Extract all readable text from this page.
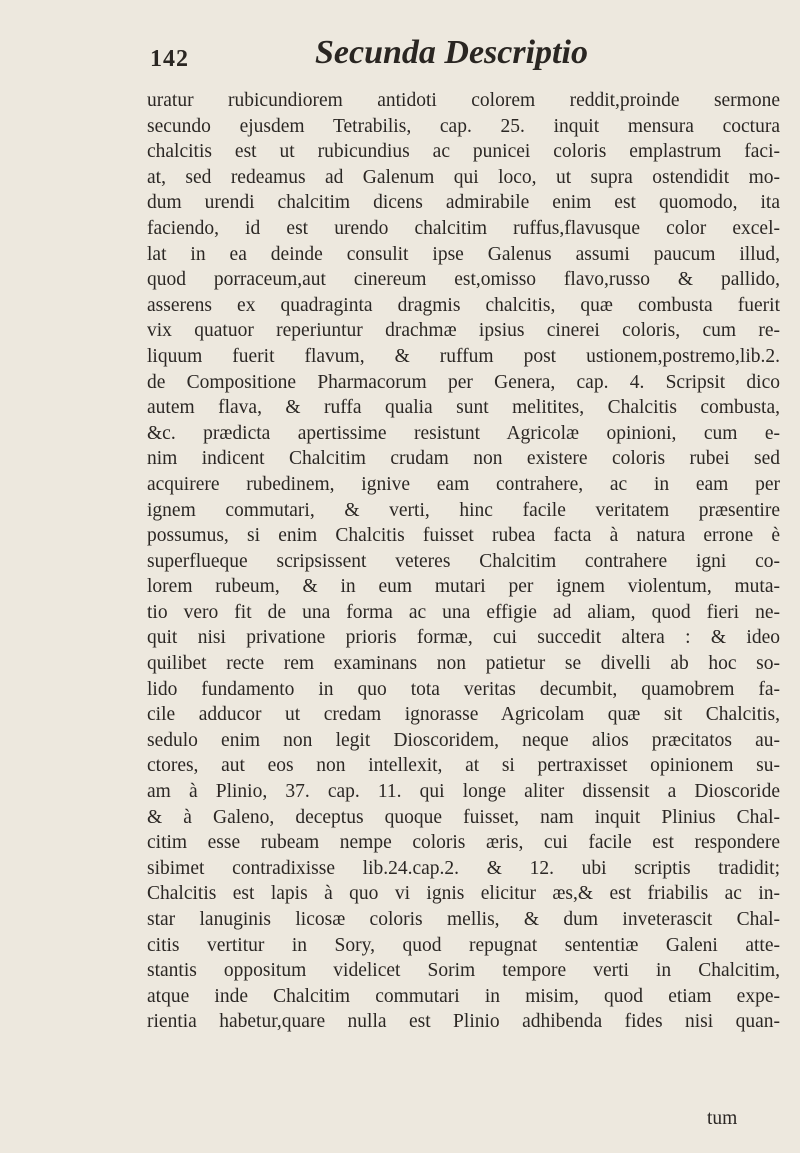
142	Secunda Descriptio
uratur rubicundiorem antidoti colorem reddit,proinde sermone
secundo ejusdem Tetrabilis, cap. 25. inquit mensura coctura
chalcitis est ut rubicundius ac punicei coloris emplastrum faci-
at, sed redeamus ad Galenum qui loco, ut supra ostendidit mo-
dum urendi chalcitim dicens admirabile enim est quomodo, ita
faciendo, id est urendo chalcitim ruffus,flavusque color excel-
lat in ea deinde consulit ipse Galenus assumi paucum illud,
quod porraceum,aut cinereum est,omisso flavo,russo & pallido,
asserens ex quadraginta dragmis chalcitis, quæ combusta fuerit
vix quatuor reperiuntur drachmæ ipsius cinerei coloris, cum re-
liquum fuerit flavum, & ruffum post ustionem,postremo,lib.2.
de Compositione Pharmacorum per Genera, cap. 4. Scripsit dico
autem flava, & ruffa qualia sunt melitites, Chalcitis combusta,
&c. prædicta apertissime resistunt Agricolæ opinioni, cum e-
nim indicent Chalcitim crudam non existere coloris rubei sed
acquirere rubedinem, ignive eam contrahere, ac in eam per
ignem commutari, & verti, hinc facile veritatem præsentire
possumus, si enim Chalcitis fuisset rubea facta à natura errone è
superflueque scripsissent veteres Chalcitim contrahere igni co-
lorem rubeum, & in eum mutari per ignem violentum, muta-
tio vero fit de una forma ac una effigie ad aliam, quod fieri ne-
quit nisi privatione prioris formæ, cui succedit altera : & ideo
quilibet recte rem examinans non patietur se divelli ab hoc so-
lido fundamento in quo tota veritas decumbit, quamobrem fa-
cile adducor ut credam ignorasse Agricolam quæ sit Chalcitis,
sedulo enim non legit Dioscoridem, neque alios præcitatos au-
ctores, aut eos non intellexit, at si pertraxisset opinionem su-
am à Plinio, 37. cap. 11. qui longe aliter dissensit a Dioscoride
& à Galeno, deceptus quoque fuisset, nam inquit Plinius Chal-
citim esse rubeam nempe coloris æris, cui facile est respondere
sibimet contradixisse lib.24.cap.2. & 12. ubi scriptis tradidit;
Chalcitis est lapis à quo vi ignis elicitur æs,& est friabilis ac in-
star lanuginis licosæ coloris mellis, & dum inveterascit Chal-
citis vertitur in Sory, quod repugnat sententiæ Galeni atte-
stantis oppositum videlicet Sorim tempore verti in Chalcitim,
atque inde Chalcitim commutari in misim, quod etiam expe-
rientia habetur,quare nulla est Plinio adhibenda fides nisi quan-
tum
